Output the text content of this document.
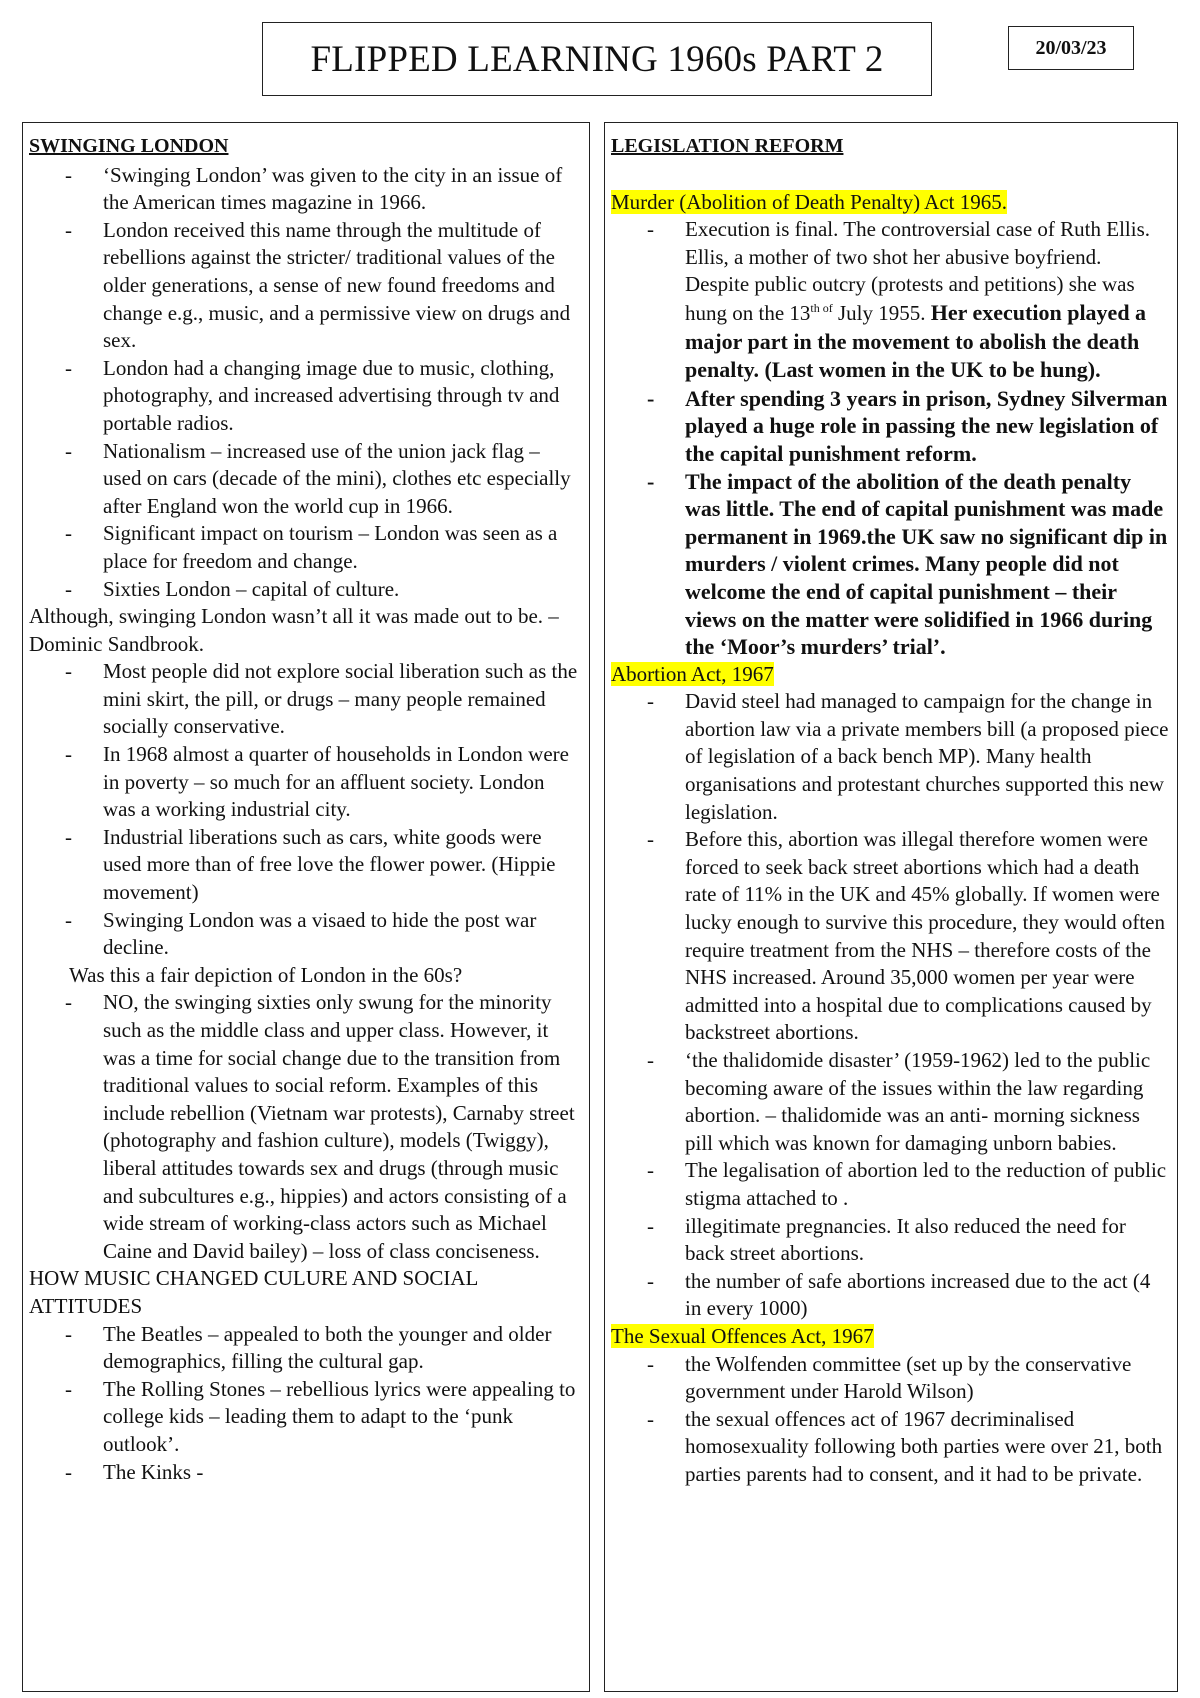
FLIPPED LEARNING 1960s PART 2	20/03/23
SWINGING LONDON
- ‘Swinging London’ was given to the city in an issue of the American times magazine in 1966.
- London received this name through the multitude of rebellions against the stricter/ traditional values of the older generations, a sense of new found freedoms and change e.g., music, and a permissive view on drugs and sex.
- London had a changing image due to music, clothing, photography, and increased advertising through tv and portable radios.
- Nationalism – increased use of the union jack flag – used on cars (decade of the mini), clothes etc especially after England won the world cup in 1966.
- Significant impact on tourism – London was seen as a place for freedom and change.
- Sixties London – capital of culture.

Although, swinging London wasn’t all it was made out to be. – Dominic Sandbrook.

- Most people did not explore social liberation such as the mini skirt, the pill, or drugs – many people remained socially conservative.
- In 1968 almost a quarter of households in London were in poverty – so much for an affluent society. London was a working industrial city.
- Industrial liberations such as cars, white goods were used more than of free love the flower power. (Hippie movement)
- Swinging London was a visaed to hide the post war decline.

Was this a fair depiction of London in the 60s?

- NO, the swinging sixties only swung for the minority such as the middle class and upper class. However, it was a time for social change due to the transition from traditional values to social reform. Examples of this include rebellion (Vietnam war protests), Carnaby street (photography and fashion culture), models (Twiggy), liberal attitudes towards sex and drugs (through music and subcultures e.g., hippies) and actors consisting of a wide stream of working-class actors such as Michael Caine and David bailey) – loss of class conciseness.

HOW MUSIC CHANGED CULURE AND SOCIAL ATTITUDES

- The Beatles – appealed to both the younger and older demographics, filling the cultural gap.
- The Rolling Stones – rebellious lyrics were appealing to college kids – leading them to adapt to the ‘punk outlook’.
- The Kinks -
LEGISLATION REFORM

Murder (Abolition of Death Penalty) Act 1965.

- Execution is final. The controversial case of Ruth Ellis. Ellis, a mother of two shot her abusive boyfriend. Despite public outcry (protests and petitions) she was hung on the $13^{th of}$ July 1955. Her execution played a major part in the movement to abolish the death penalty. (Last women in the UK to be hung).
- After spending 3 years in prison, Sydney Silverman played a huge role in passing the new legislation of the capital punishment reform.
- The impact of the abolition of the death penalty was little. The end of capital punishment was made permanent in 1969.the UK saw no significant dip in murders / violent crimes. Many people did not welcome the end of capital punishment – their views on the matter were solidified in 1966 during the ‘Moor’s murders’ trial’.

Abortion Act, 1967

- David steel had managed to campaign for the change in abortion law via a private members bill (a proposed piece of legislation of a back bench MP). Many health organisations and protestant churches supported this new legislation.
- Before this, abortion was illegal therefore women were forced to seek back street abortions which had a death rate of 11% in the UK and 45% globally. If women were lucky enough to survive this procedure, they would often require treatment from the NHS – therefore costs of the NHS increased. Around 35,000 women per year were admitted into a hospital due to complications caused by backstreet abortions.
- ‘the thalidomide disaster’ (1959-1962) led to the public becoming aware of the issues within the law regarding abortion. – thalidomide was an anti- morning sickness pill which was known for damaging unborn babies.
- The legalisation of abortion led to the reduction of public stigma attached to .
- illegitimate pregnancies. It also reduced the need for back street abortions.
- the number of safe abortions increased due to the act (4 in every 1000)

The Sexual Offences Act, 1967

- the Wolfenden committee (set up by the conservative government under Harold Wilson)
- the sexual offences act of 1967 decriminalised homosexuality following both parties were over 21, both parties parents had to consent, and it had to be private.
